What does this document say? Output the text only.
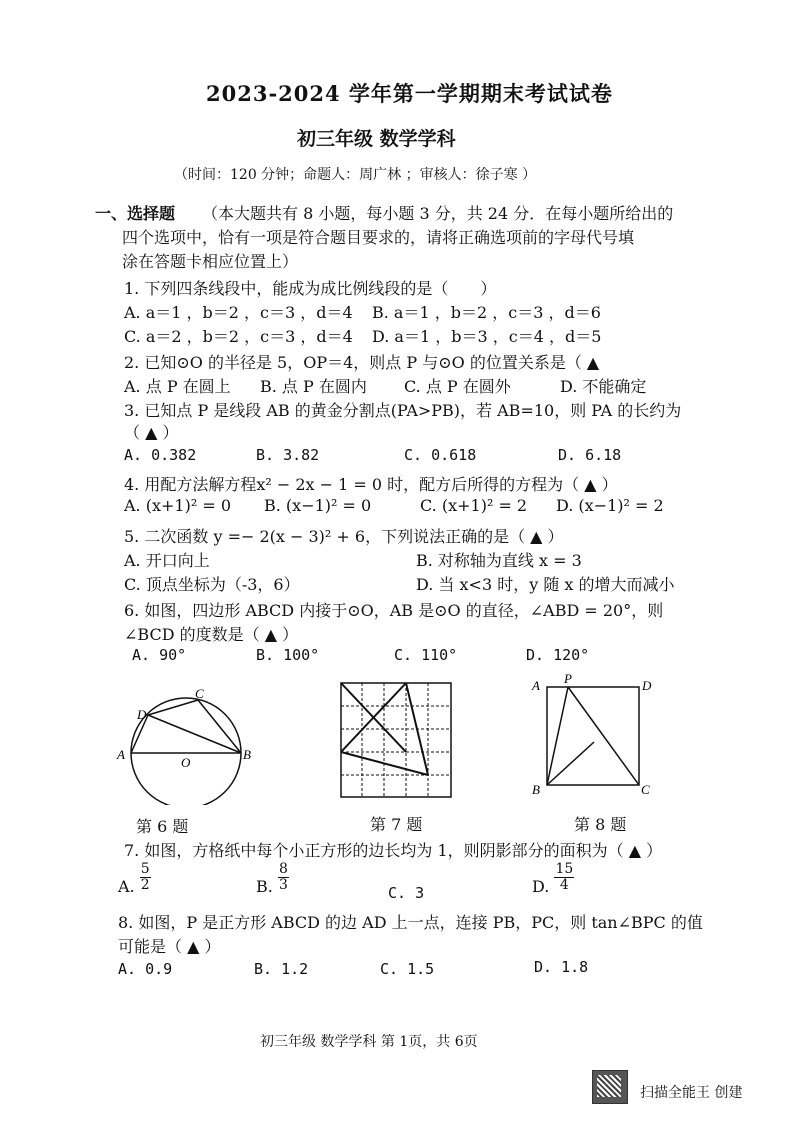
2023-2024 学年第一学期期末考试试卷
初三年级 数学学科
（时间：120 分钟；命题人：周广林 ；审核人：徐子寒 ）
一、选择题 （本大题共有 8 小题，每小题 3 分，共 24 分．在每小题所给出的
四个选项中，恰有一项是符合题目要求的，请将正确选项前的字母代号填
涂在答题卡相应位置上）
1. 下列四条线段中，能成为成比例线段的是（　　）
A. a＝1 ，b＝2 ，c＝3 ，d＝4 B. a＝1 ，b＝2 ，c＝3 ，d＝6
C. a＝2 ，b＝2 ，c＝3 ，d＝4 D. a＝1 ，b＝3 ，c＝4 ，d＝5
2. 已知⊙O 的半径是 5，OP＝4，则点 P 与⊙O 的位置关系是（ ▲
A. 点 P 在圆上 B. 点 P 在圆内 C. 点 P 在圆外	D. 不能确定
3. 已知点 P 是线段 AB 的黄金分割点(PA>PB)，若 AB=10，则 PA 的长约为
（ ▲ ）
A. 0.382	B. 3.82	C. 0.618	D. 6.18
4. 用配方法解方程x² − 2x − 1 = 0 时，配方后所得的方程为（ ▲ ）
A. (x+1)² = 0 B. (x−1)² = 0	C. (x+1)² = 2 D. (x−1)² = 2
5. 二次函数 y =− 2(x − 3)² + 6，下列说法正确的是（ ▲ ）
A. 开口向上	B. 对称轴为直线 x = 3
C. 顶点坐标为（-3，6）	D. 当 x<3 时，y 随 x 的增大而减小
6. 如图，四边形 ABCD 内接于⊙O，AB 是⊙O 的直径，∠ABD = 20°，则
∠BCD 的度数是（ ▲ ）
A. 90°	B. 100°	C. 110°	D. 120°
A	B
C
D
O
A P	D
B	C
第 6 题	第 7 题	第 8 题
7. 如图，方格纸中每个小正方形的边长均为 1，则阴影部分的面积为（ ▲ ）
A. $\frac{5}{2}$	B. $\frac{8}{3}$	C. 3	D. $\frac{15}{4}$
8. 如图，P 是正方形 ABCD 的边 AD 上一点，连接 PB，PC，则 tan∠BPC 的值
可能是（ ▲ ）
A. 0.9	B. 1.2	C. 1.5	D. 1.8
初三年级 数学学科 第 1页，共 6页
扫描全能王 创建
